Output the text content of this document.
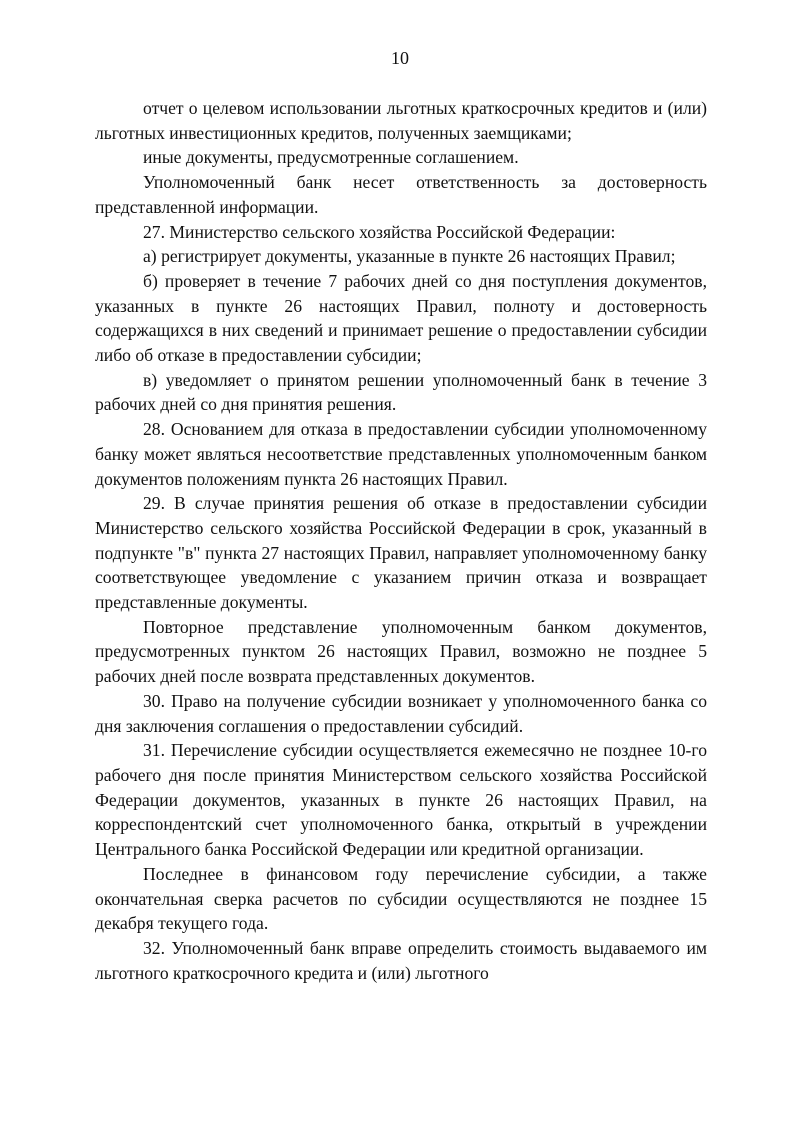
10

отчет о целевом использовании льготных краткосрочных кредитов и (или) льготных инвестиционных кредитов, полученных заемщиками;

иные документы, предусмотренные соглашением.

Уполномоченный банк несет ответственность за достоверность представленной информации.

27. Министерство сельского хозяйства Российской Федерации:

а) регистрирует документы, указанные в пункте 26 настоящих Правил;

б) проверяет в течение 7 рабочих дней со дня поступления документов, указанных в пункте 26 настоящих Правил, полноту и достоверность содержащихся в них сведений и принимает решение о предоставлении субсидии либо об отказе в предоставлении субсидии;

в) уведомляет о принятом решении уполномоченный банк в течение 3 рабочих дней со дня принятия решения.

28. Основанием для отказа в предоставлении субсидии уполномоченному банку может являться несоответствие представленных уполномоченным банком документов положениям пункта 26 настоящих Правил.

29. В случае принятия решения об отказе в предоставлении субсидии Министерство сельского хозяйства Российской Федерации в срок, указанный в подпункте "в" пункта 27 настоящих Правил, направляет уполномоченному банку соответствующее уведомление с указанием причин отказа и возвращает представленные документы.

Повторное представление уполномоченным банком документов, предусмотренных пунктом 26 настоящих Правил, возможно не позднее 5 рабочих дней после возврата представленных документов.

30. Право на получение субсидии возникает у уполномоченного банка со дня заключения соглашения о предоставлении субсидий.

31. Перечисление субсидии осуществляется ежемесячно не позднее 10-го рабочего дня после принятия Министерством сельского хозяйства Российской Федерации документов, указанных в пункте 26 настоящих Правил, на корреспондентский счет уполномоченного банка, открытый в учреждении Центрального банка Российской Федерации или кредитной организации.

Последнее в финансовом году перечисление субсидии, а также окончательная сверка расчетов по субсидии осуществляются не позднее 15 декабря текущего года.

32. Уполномоченный банк вправе определить стоимость выдаваемого им льготного краткосрочного кредита и (или) льготного
